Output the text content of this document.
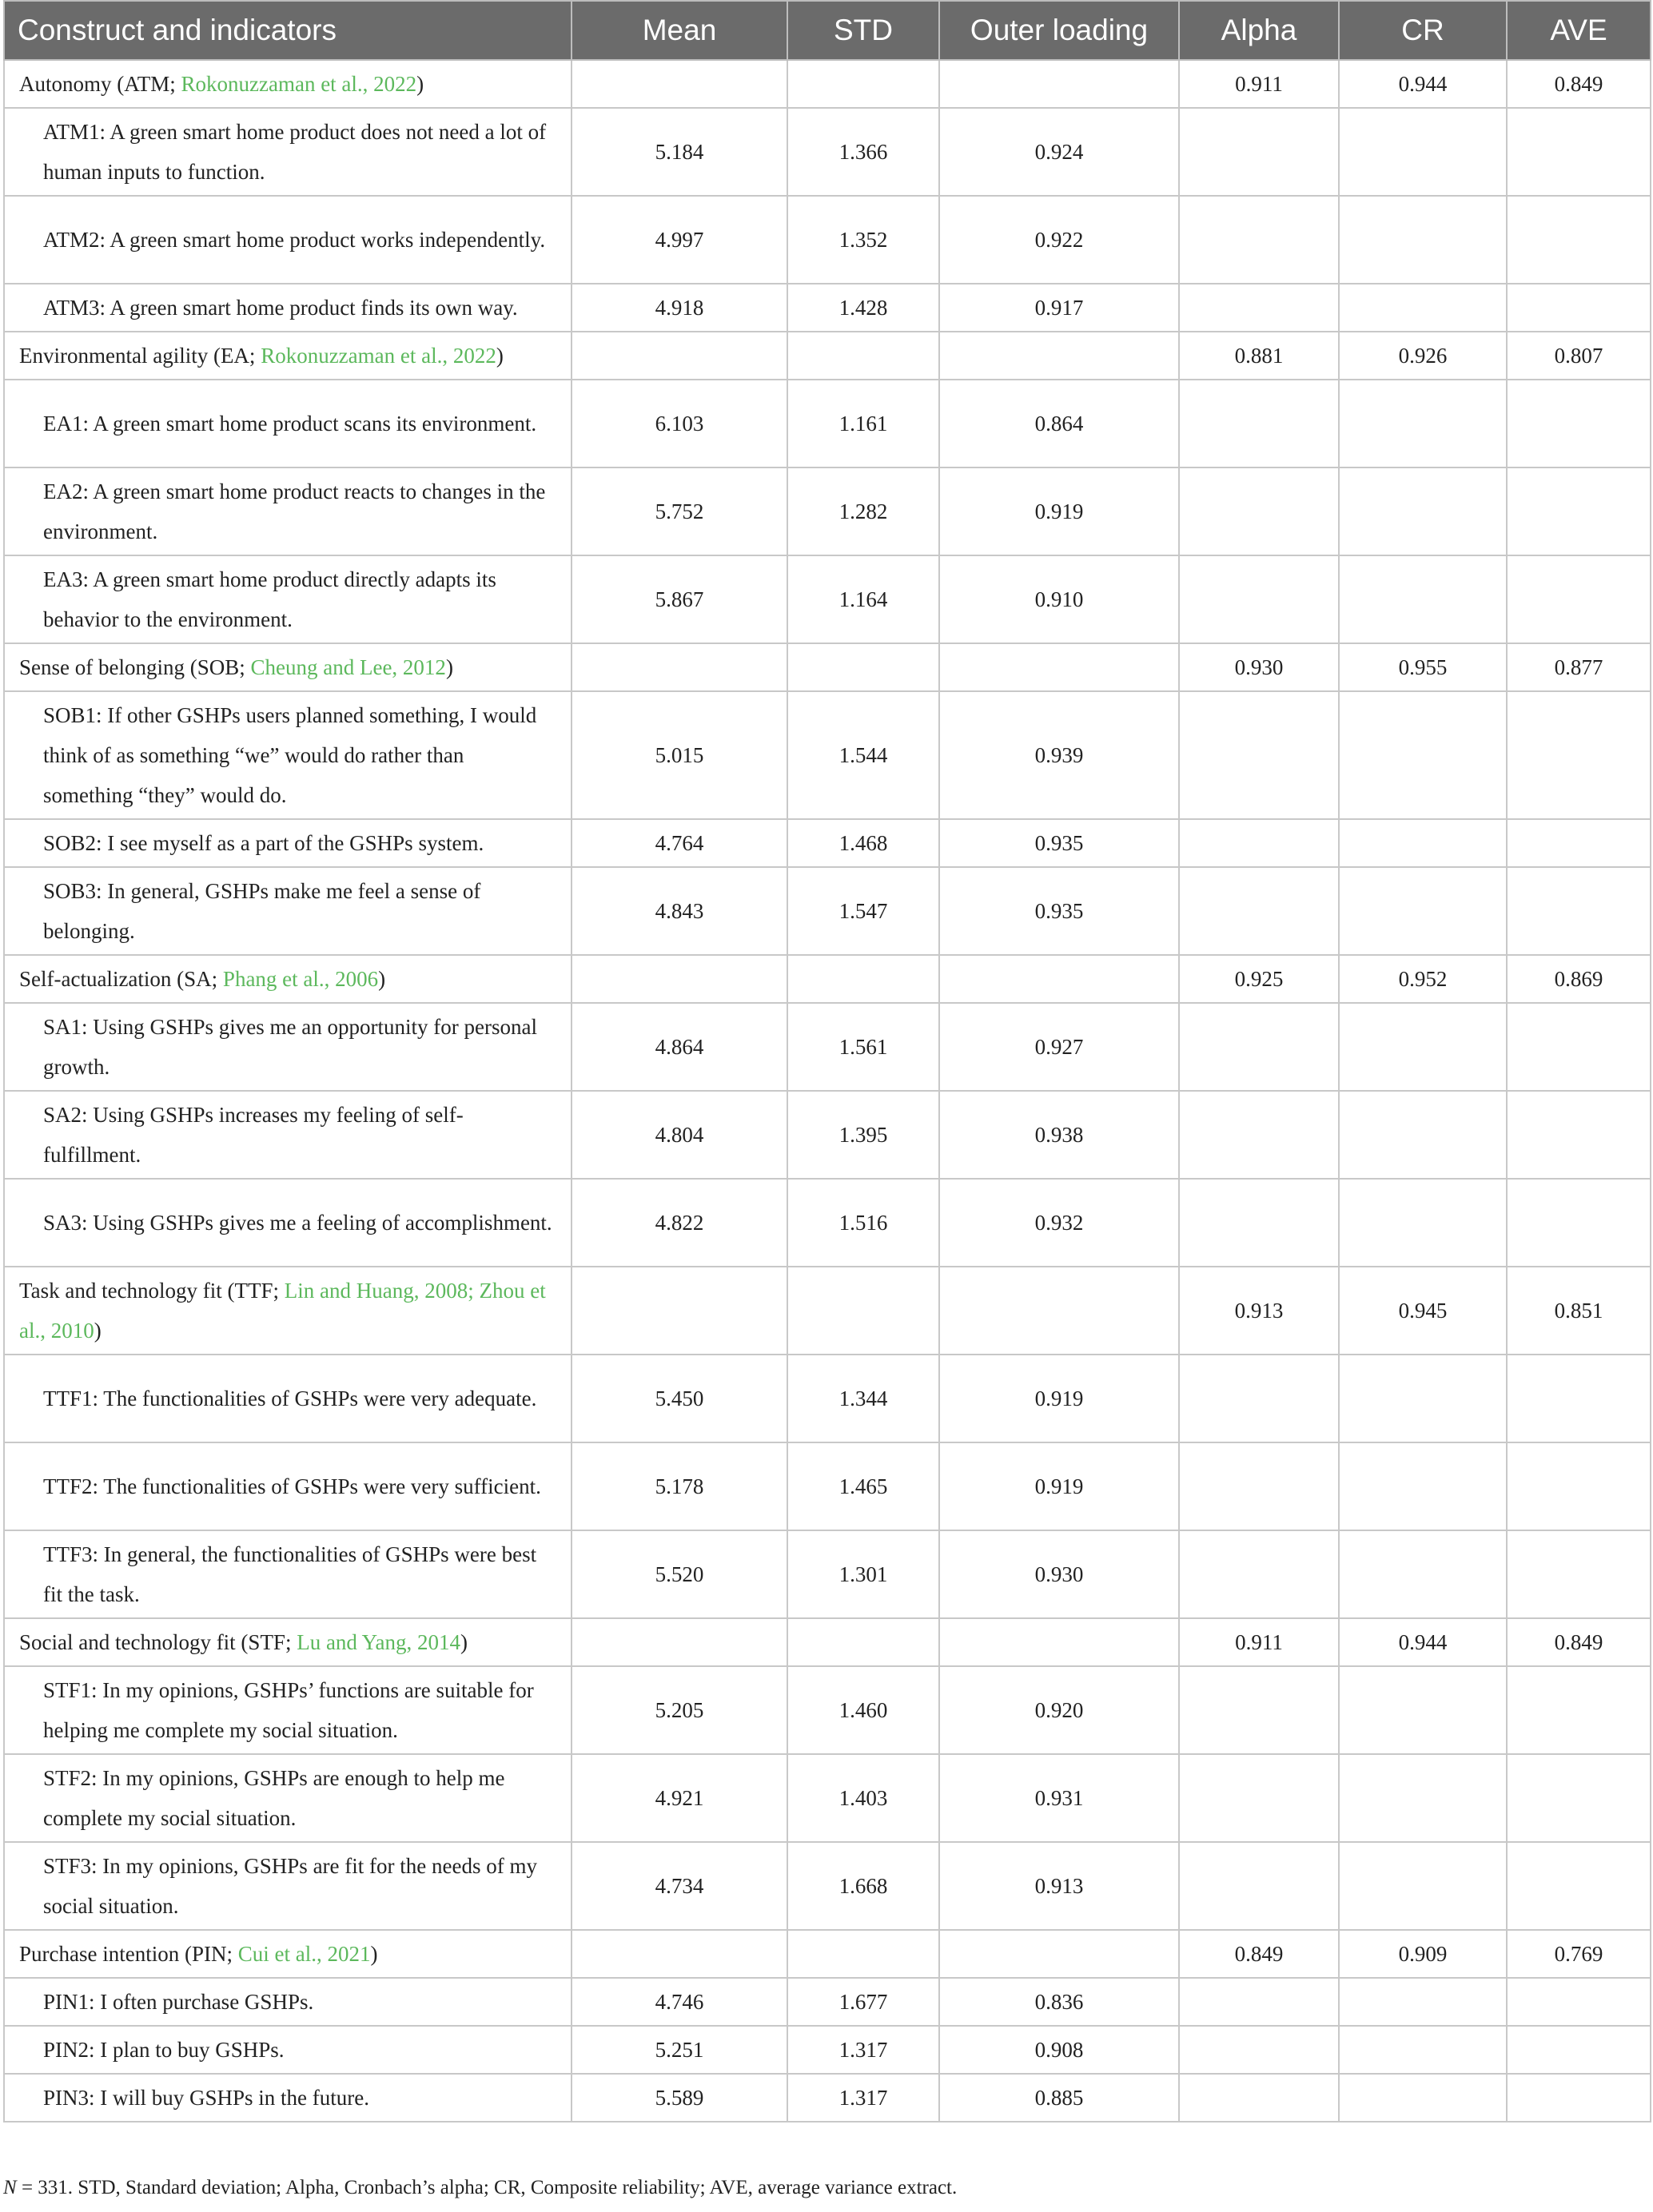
Construct and indicators	Mean	STD	Outer loading	Alpha	CR	AVE
Autonomy (ATM; Rokonuzzaman et al., 2022)				0.911	0.944	0.849
ATM1: A green smart home product does not need a lot of human inputs to function.	5.184	1.366	0.924			
ATM2: A green smart home product works independently.	4.997	1.352	0.922			
ATM3: A green smart home product finds its own way.	4.918	1.428	0.917			
Environmental agility (EA; Rokonuzzaman et al., 2022)				0.881	0.926	0.807
EA1: A green smart home product scans its environment.	6.103	1.161	0.864			
EA2: A green smart home product reacts to changes in the environment.	5.752	1.282	0.919			
EA3: A green smart home product directly adapts its behavior to the environment.	5.867	1.164	0.910			
Sense of belonging (SOB; Cheung and Lee, 2012)				0.930	0.955	0.877
SOB1: If other GSHPs users planned something, I would think of as something “we” would do rather than something “they” would do.	5.015	1.544	0.939			
SOB2: I see myself as a part of the GSHPs system.	4.764	1.468	0.935			
SOB3: In general, GSHPs make me feel a sense of belonging.	4.843	1.547	0.935			
Self-actualization (SA; Phang et al., 2006)				0.925	0.952	0.869
SA1: Using GSHPs gives me an opportunity for personal growth.	4.864	1.561	0.927			
SA2: Using GSHPs increases my feeling of self-fulfillment.	4.804	1.395	0.938			
SA3: Using GSHPs gives me a feeling of accomplishment.	4.822	1.516	0.932			
Task and technology fit (TTF; Lin and Huang, 2008; Zhou et al., 2010)				0.913	0.945	0.851
TTF1: The functionalities of GSHPs were very adequate.	5.450	1.344	0.919			
TTF2: The functionalities of GSHPs were very sufficient.	5.178	1.465	0.919			
TTF3: In general, the functionalities of GSHPs were best fit the task.	5.520	1.301	0.930			
Social and technology fit (STF; Lu and Yang, 2014)				0.911	0.944	0.849
STF1: In my opinions, GSHPs’ functions are suitable for helping me complete my social situation.	5.205	1.460	0.920			
STF2: In my opinions, GSHPs are enough to help me complete my social situation.	4.921	1.403	0.931			
STF3: In my opinions, GSHPs are fit for the needs of my social situation.	4.734	1.668	0.913			
Purchase intention (PIN; Cui et al., 2021)				0.849	0.909	0.769
PIN1: I often purchase GSHPs.	4.746	1.677	0.836			
PIN2: I plan to buy GSHPs.	5.251	1.317	0.908			
PIN3: I will buy GSHPs in the future.	5.589	1.317	0.885			
N = 331. STD, Standard deviation; Alpha, Cronbach’s alpha; CR, Composite reliability; AVE, average variance extract.
